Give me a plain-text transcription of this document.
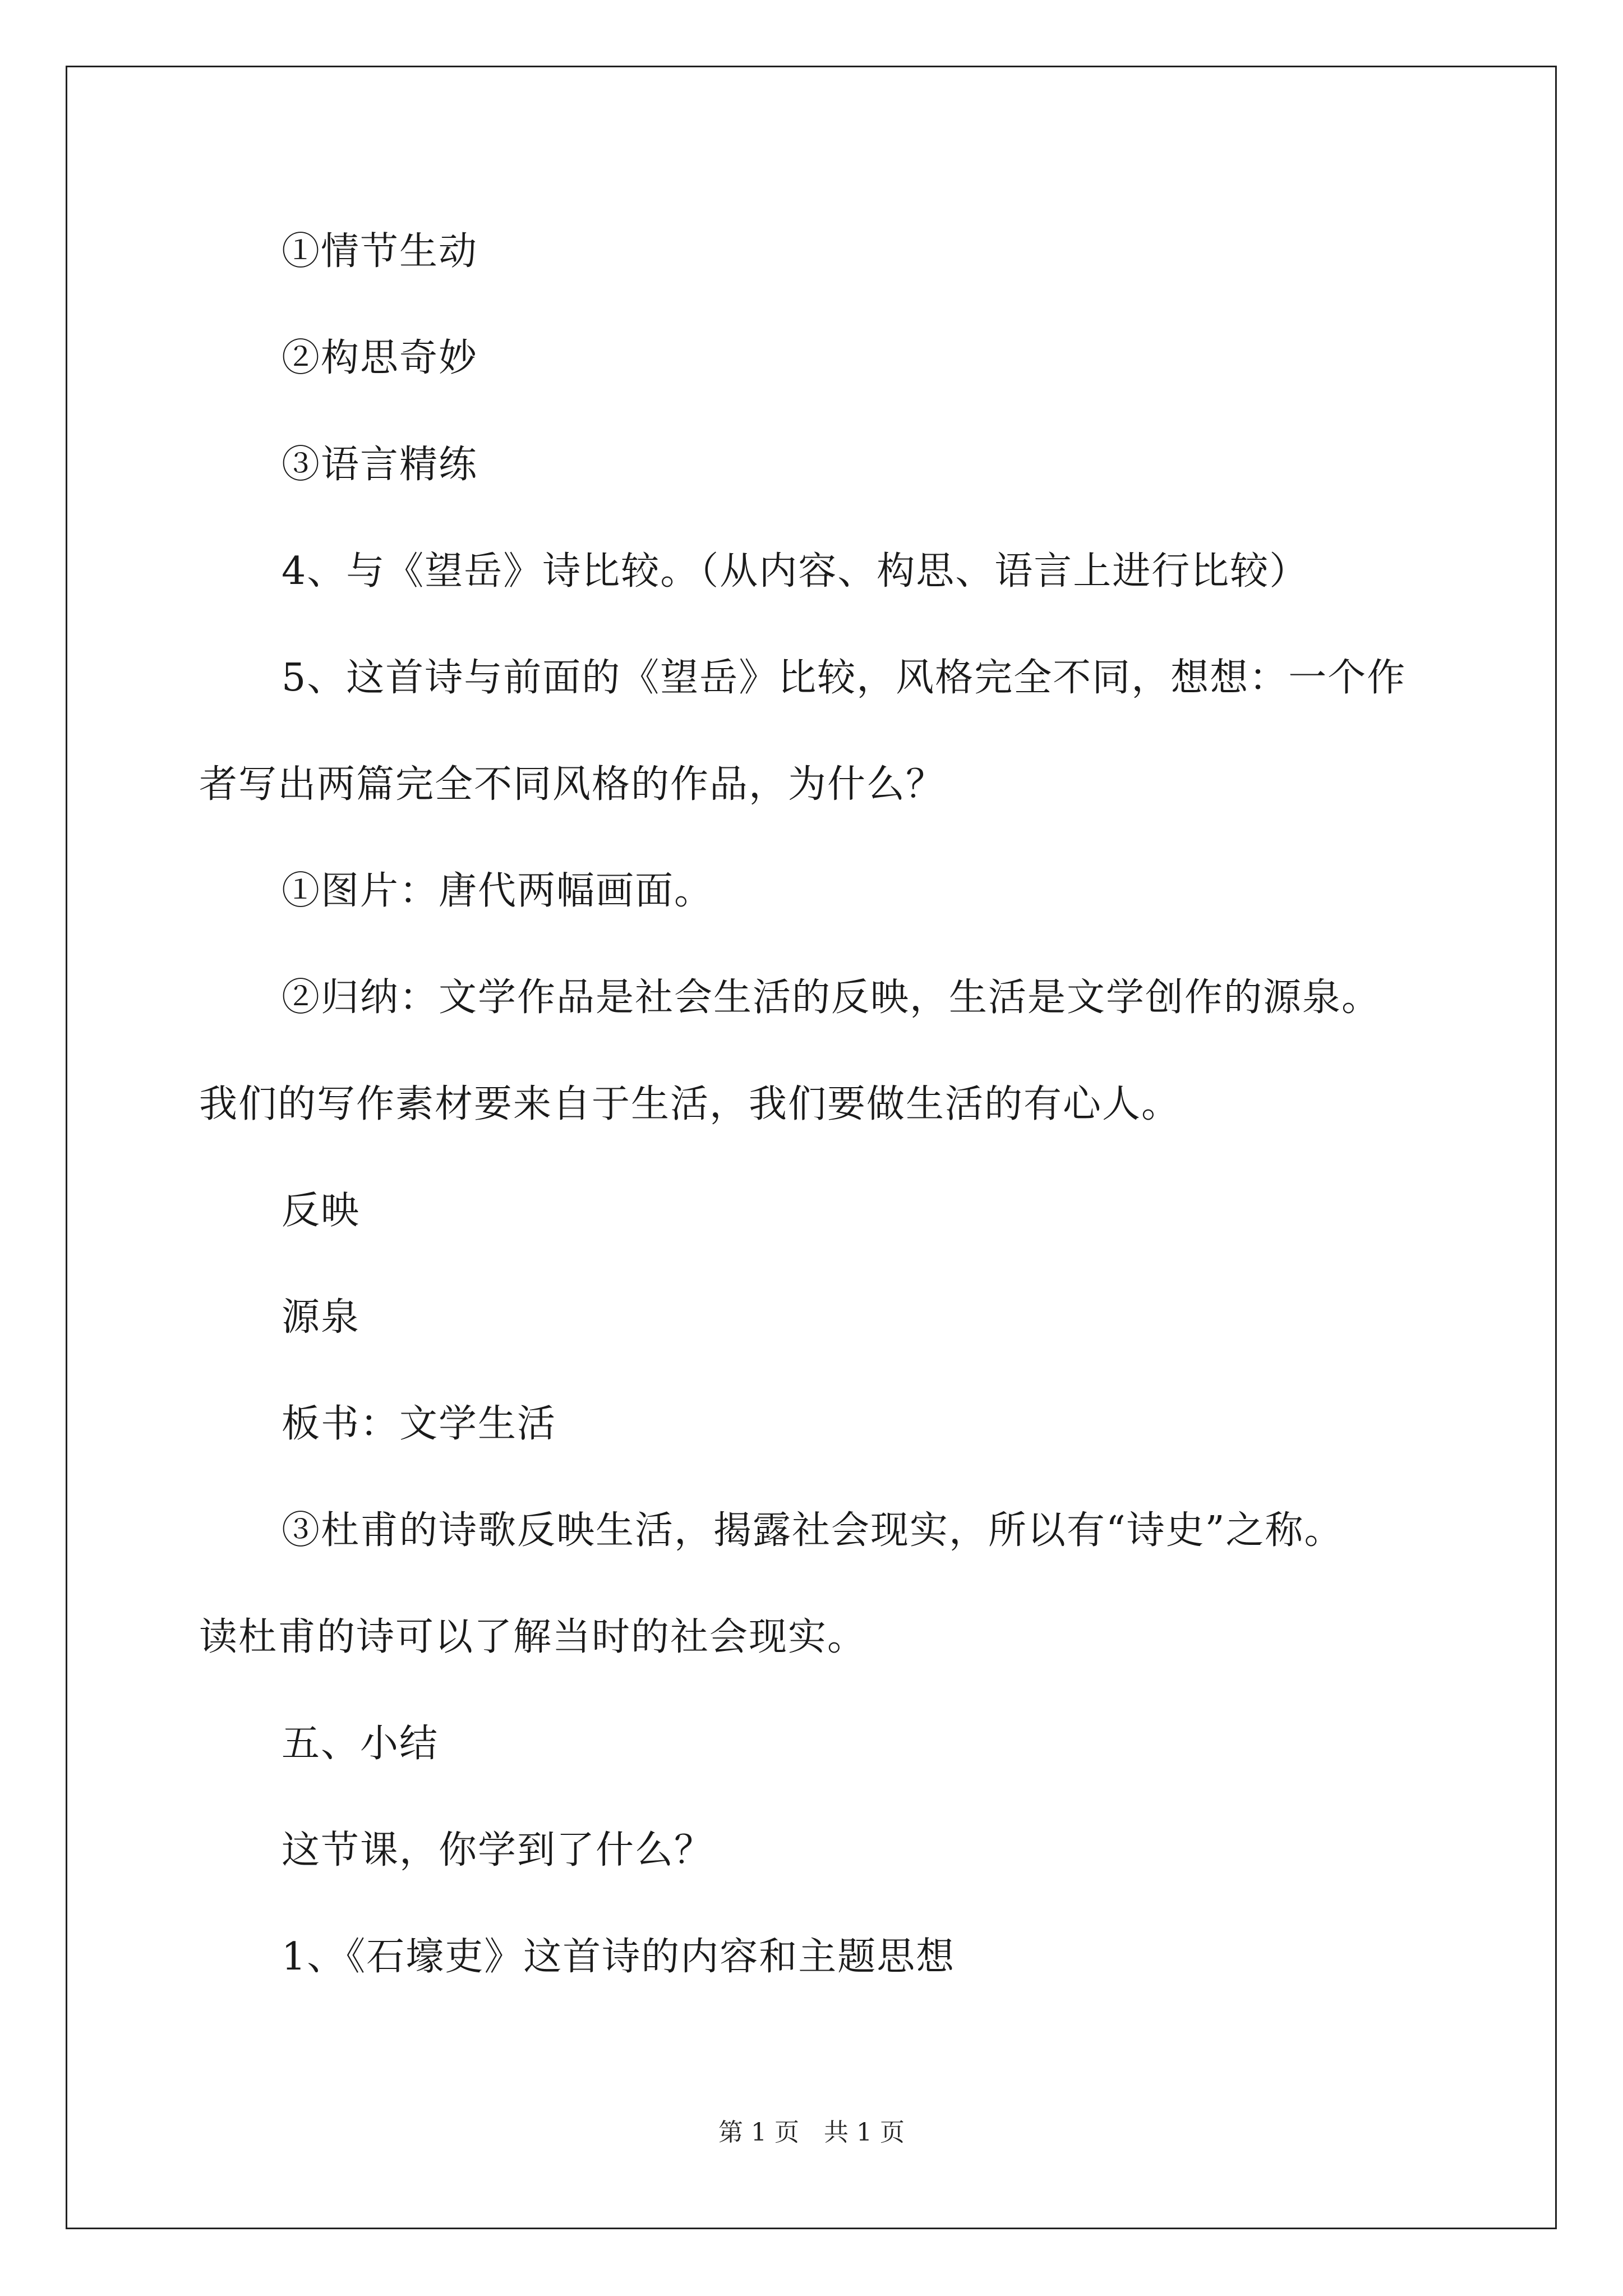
①情节生动
②构思奇妙
③语言精练
4、与《望岳》诗比较。（从内容、构思、语言上进行比较）
5、这首诗与前面的《望岳》比较，风格完全不同，想想：一个作
者写出两篇完全不同风格的作品，为什么？
①图片：唐代两幅画面。
②归纳：文学作品是社会生活的反映，生活是文学创作的源泉。
我们的写作素材要来自于生活，我们要做生活的有心人。
反映
源泉
板书：文学生活
③杜甫的诗歌反映生活，揭露社会现实，所以有“诗史”之称。
读杜甫的诗可以了解当时的社会现实。
五、小结
这节课，你学到了什么？
1、《石壕吏》这首诗的内容和主题思想
第 1 页　共 1 页
